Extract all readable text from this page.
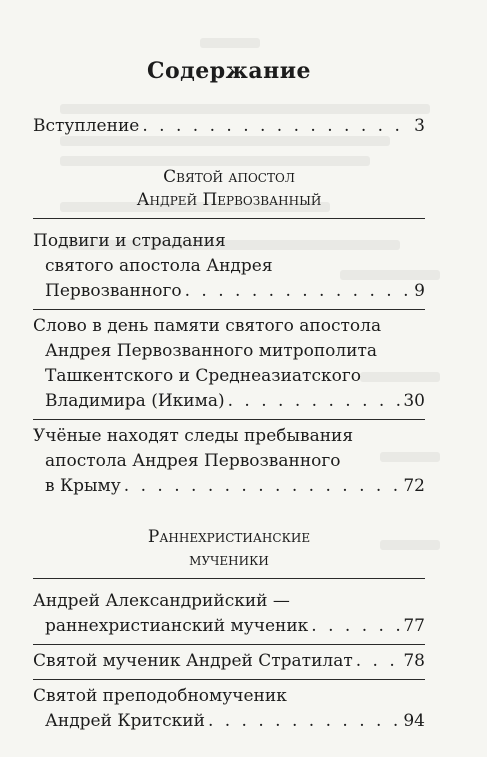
Содержание
Вступление . . .	3
Святой апостол
Андрей Первозванный
Подвиги и страдания
святого апостола Андрея
Первозванного . . .	9
Слово в день памяти святого апостола
Андрея Первозванного митрополита
Ташкентского и Среднеазиатского
Владимира (Икима) . . .	30
Учёные находят следы пребывания
апостола Андрея Первозванного
в Крыму . . .	72
Раннехристианские
мученики
Андрей Александрийский —
раннехристианский мученик . . .	77
Святой мученик Андрей Стратилат . . .	78
Святой преподобномученик
Андрей Критский . . .	94
